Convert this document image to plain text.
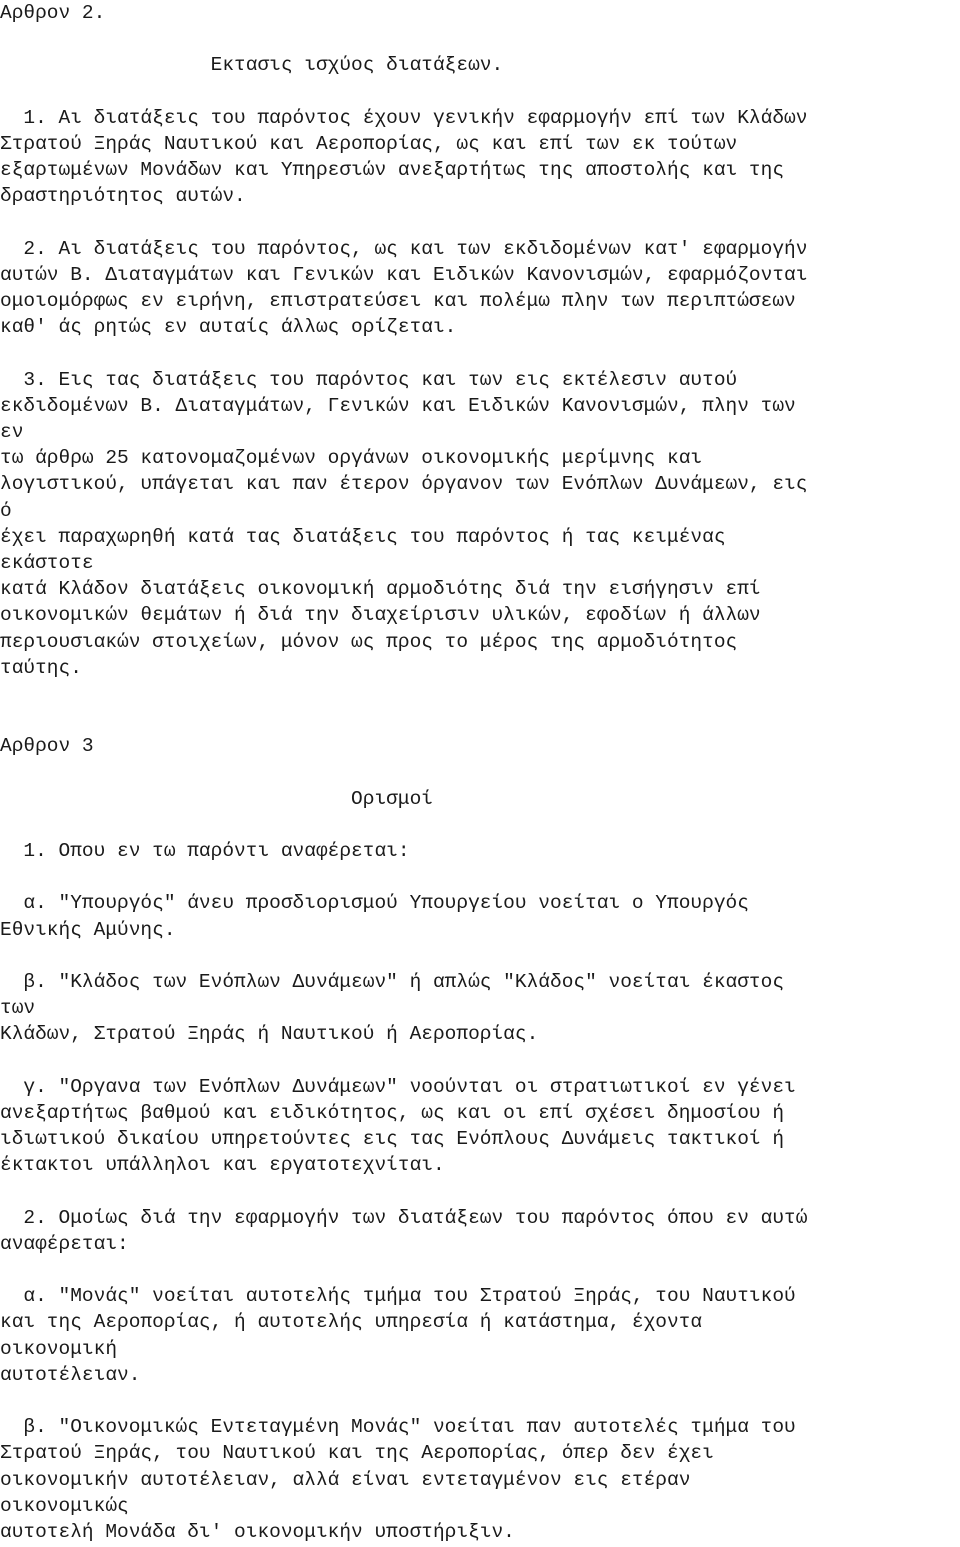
Αρθρον 2.
Εκτασις ισχύος διατάξεων.
1. Αι διατάξεις του παρόντος έχουν γενικήν εφαρμογήν επί των Κλάδων
Στρατού Ξηράς Ναυτικού και Αεροπορίας, ως και επί των εκ τούτων
εξαρτωμένων Μονάδων και Υπηρεσιών ανεξαρτήτως της αποστολής και της
δραστηριότητος αυτών.
2. Αι διατάξεις του παρόντος, ως και των εκδιδομένων κατ' εφαρμογήν
αυτών Β. Διαταγμάτων και Γενικών και Ειδικών Κανονισμών, εφαρμόζονται
ομοιομόρφως εν ειρήνη, επιστρατεύσει και πολέμω πλην των περιπτώσεων
καθ' άς ρητώς εν αυταίς άλλως ορίζεται.
3. Εις τας διατάξεις του παρόντος και των εις εκτέλεσιν αυτού
εκδιδομένων Β. Διαταγμάτων, Γενικών και Ειδικών Κανονισμών, πλην των
εν
τω άρθρω 25 κατονομαζομένων οργάνων οικονομικής μερίμνης και
λογιστικού, υπάγεται και παν έτερον όργανον των Ενόπλων Δυνάμεων, εις
ό
έχει παραχωρηθή κατά τας διατάξεις του παρόντος ή τας κειμένας
εκάστοτε
κατά Κλάδον διατάξεις οικονομική αρμοδιότης διά την εισήγησιν επί
οικονομικών θεμάτων ή διά την διαχείρισιν υλικών, εφοδίων ή άλλων
περιουσιακών στοιχείων, μόνον ως προς το μέρος της αρμοδιότητος
ταύτης.
Αρθρον 3
Ορισμοί
1. Οπου εν τω παρόντι αναφέρεται:
α. "Υπουργός" άνευ προσδιορισμού Υπουργείου νοείται ο Υπουργός
Εθνικής Αμύνης.
β. "Κλάδος των Ενόπλων Δυνάμεων" ή απλώς "Κλάδος" νοείται έκαστος
των
Κλάδων, Στρατού Ξηράς ή Ναυτικού ή Αεροπορίας.
γ. "Οργανα των Ενόπλων Δυνάμεων" νοούνται οι στρατιωτικοί εν γένει
ανεξαρτήτως βαθμού και ειδικότητος, ως και οι επί σχέσει δημοσίου ή
ιδιωτικού δικαίου υπηρετούντες εις τας Ενόπλους Δυνάμεις τακτικοί ή
έκτακτοι υπάλληλοι και εργατοτεχνίται.
2. Ομοίως διά την εφαρμογήν των διατάξεων του παρόντος όπου εν αυτώ
αναφέρεται:
α. "Μονάς" νοείται αυτοτελής τμήμα του Στρατού Ξηράς, του Ναυτικού
και της Αεροπορίας, ή αυτοτελής υπηρεσία ή κατάστημα, έχοντα
οικονομική
αυτοτέλειαν.
β. "Οικονομικώς Εντεταγμένη Μονάς" νοείται παν αυτοτελές τμήμα του
Στρατού Ξηράς, του Ναυτικού και της Αεροπορίας, όπερ δεν έχει
οικονομικήν αυτοτέλειαν, αλλά είναι εντεταγμένον εις ετέραν
οικονομικώς
αυτοτελή Μονάδα δι' οικονομικήν υποστήριξιν.
